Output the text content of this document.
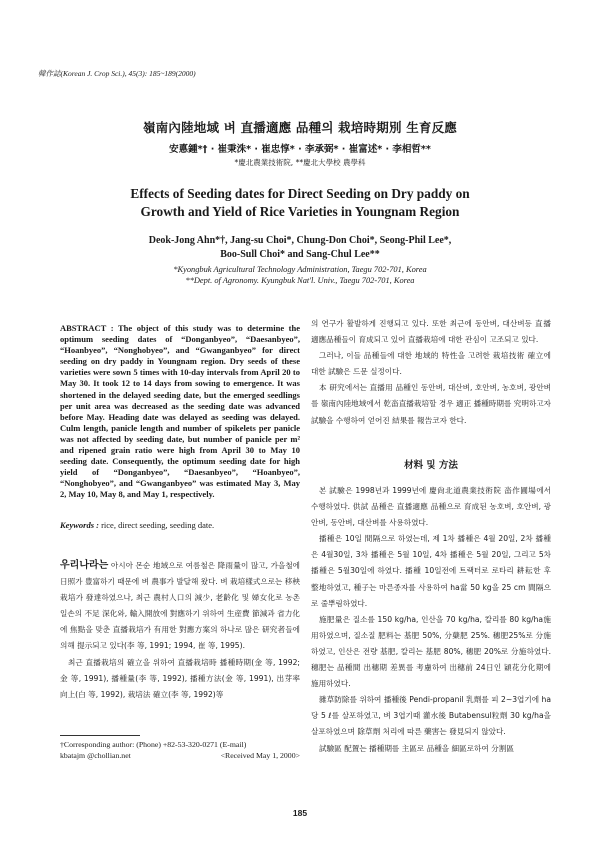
韓作誌(Korean J. Crop Sci.), 45(3): 185~189(2000)
嶺南內陸地域 벼 直播適應 品種의 栽培時期別 生育反應
安悳鍾*† · 崔秉洙* · 崔忠惇* · 李承弼* · 崔富述* · 李相哲**
*慶北農業技術院, **慶北大學校 農學科
Effects of Seeding dates for Direct Seeding on Dry paddy on
Growth and Yield of Rice Varieties in Youngnam Region
Deok-Jong Ahn*†, Jang-su Choi*, Chung-Don Choi*, Seong-Phil Lee*,
Boo-Sull Choi* and Sang-Chul Lee**
*Kyongbuk Agricultural Technology Administration, Taegu 702-701, Korea
**Dept. of Agronomy. Kyungbuk Nat'l. Univ., Taegu 702-701, Korea
ABSTRACT : The object of this study was to determine the optimum seeding dates of “Donganbyeo”, “Daesanbyeo”, “Hoanbyeo”, “Nonghobyeo”, and “Gwanganbyeo” for direct seeding on dry paddy in Youngnam region. Dry seeds of these varieties were sown 5 times with 10-day intervals from April 20 to May 30. It took 12 to 14 days from sowing to emergence. It was shortened in the delayed seeding date, but the emerged seedlings per unit area was decreased as the seeding date was advanced before May. Heading date was delayed as seeding was delayed. Culm length, panicle length and number of spikelets per panicle was not affected by seeding date, but number of panicle per m² and ripened grain ratio were high from April 30 to May 10 seeding date. Consequently, the optimum seeding date for high yield of “Donganbyeo”, “Daesanbyeo”, “Hoanbyeo”, “Nonghobyeo”, and “Gwanganbyeo” was estimated May 3, May 2, May 10, May 8, and May 1, respectively.
Keywords : rice, direct seeding, seeding date.

우리나라는 아시아 몬순 地域으로 여름철은 降雨量이 많고, 가을철에 日照가 豊富하기 때문에 벼 農事가 발달해 왔다. 벼 栽培樣式으로는 移秧栽培가 發達하였으나, 최근 農村人口의 減少, 老齡化 및 婦女化로 농촌일손의 不足 深化와, 輸入開放에 對應하기 위하여 生産費 節減과 省力化에 焦點을 맞춘 直播栽培가 有用한 對應方案의 하나로 많은 研究者들에 의해 提示되고 있다(李 等, 1991; 1994, 崔 等, 1995).

최근 直播栽培의 確立을 위하여 直播栽培時 播種時期(金 等, 1992; 金 等, 1991), 播種量(李 等, 1992), 播種方法(金 等, 1991), 出芽率 向上(白 等, 1992), 栽培法 確立(李 等, 1992)等

†Corresponding author: (Phone) +82-53-320-0271 (E-mail)
kbatajm @chollian.net	<Received May 1, 2000>

의 연구가 활발하게 진행되고 있다. 또한 최근에 동안벼, 대산벼등 直播適應品種들이 育成되고 있어 直播栽培에 대한 관심이 고조되고 있다.

그러나, 이들 品種들에 대한 地域的 特性을 고려한 栽培技術 確立에 대한 試驗은 드문 실정이다.

本 研究에서는 直播用 品種인 동안벼, 대산벼, 호안벼, 농호벼, 광안벼를 嶺南內陸地域에서 乾畓直播栽培할 경우 適正 播種時期를 究明하고자 試驗을 수행하여 얻어진 結果를 報告코자 한다.

材料 및 方法

본 試驗은 1998년과 1999년에 慶尙北道農業技術院 畓作圃場에서 수행하였다. 供試 品種은 直播適應 品種으로 育成된 농호벼, 호안벼, 광안벼, 동안벼, 대산벼를 사용하였다.

播種은 10일 間隔으로 하였는데, 제 1차 播種은 4월 20일, 2차 播種은 4월30일, 3차 播種은 5월 10일, 4차 播種은 5월 20일, 그리고 5차 播種은 5월30일에 하였다. 播種 10일전에 트랙터로 로타리 耕耘한 후 整地하였고, 種子는 마른종자를 사용하여 ha當 50 kg을 25 cm 間隔으로 줄뿌림하였다.

施肥量은 질소를 150 kg/ha, 인산을 70 kg/ha, 칼리를 80 kg/ha施用하였으며, 질소질 肥料는 基肥 50%, 分蘖肥 25%. 穗肥25%로 分施하였고, 인산은 전량 基肥, 칼리는 基肥 80%, 穗肥 20%로 分施하였다. 穗肥는 品種間 出穗期 差異를 考慮하여 出穗前 24日인 穎花分化期에 施用하였다.

雜草防除를 위하여 播種後 Pendi-propanil 乳劑를 피 2~3엽기에 ha당 5 ℓ를 살포하였고, 벼 3엽기때 灌水後 Butabensul粒劑 30 kg/ha을 살포하였으며 除草劑 처리에 따른 藥害는 發見되지 않았다.

試驗區 配置는 播種期를 主區로 品種을 細區로하여 分割區

185
